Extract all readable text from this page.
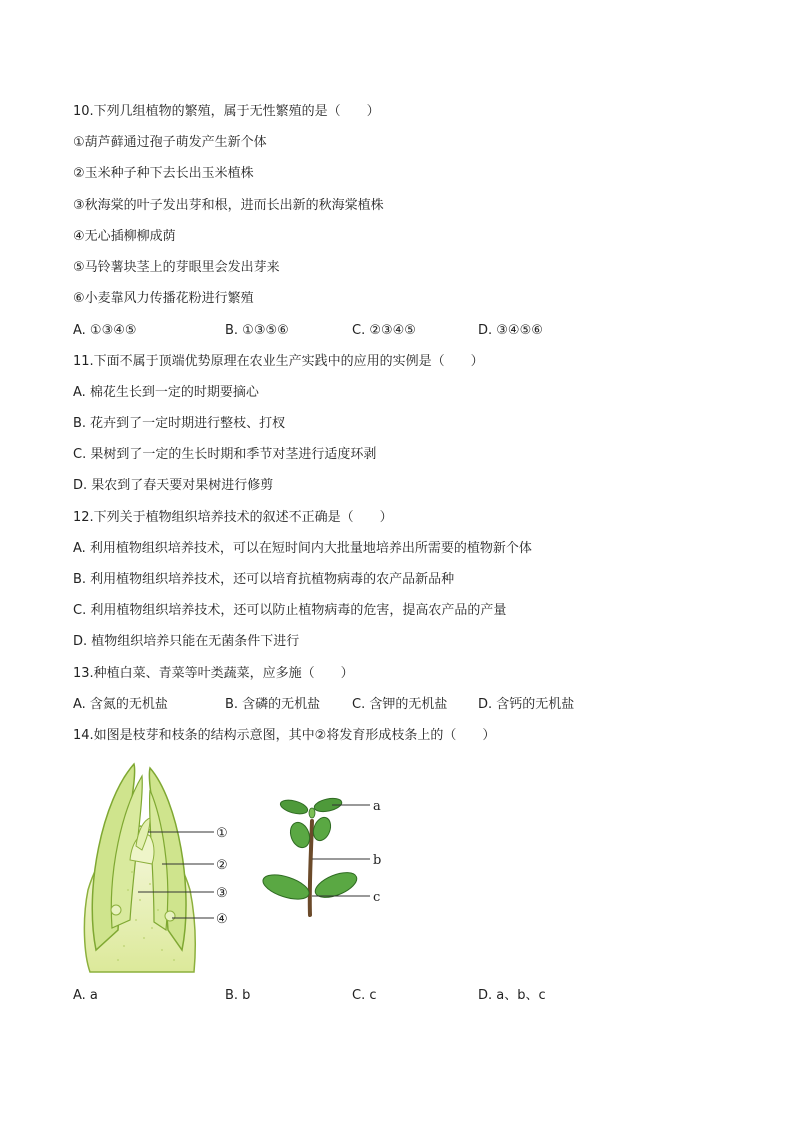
10.下列几组植物的繁殖，属于无性繁殖的是（　　）
①葫芦藓通过孢子萌发产生新个体
②玉米种子种下去长出玉米植株
③秋海棠的叶子发出芽和根，进而长出新的秋海棠植株
④无心插柳柳成荫
⑤马铃薯块茎上的芽眼里会发出芽来
⑥小麦靠风力传播花粉进行繁殖
A. ①③④⑤	B. ①③⑤⑥	C. ②③④⑤	D. ③④⑤⑥
11.下面不属于顶端优势原理在农业生产实践中的应用的实例是（　　）
A. 棉花生长到一定的时期要摘心
B. 花卉到了一定时期进行整枝、打杈
C. 果树到了一定的生长时期和季节对茎进行适度环剥
D. 果农到了春天要对果树进行修剪
12.下列关于植物组织培养技术的叙述不正确是（　　）
A. 利用植物组织培养技术，可以在短时间内大批量地培养出所需要的植物新个体
B. 利用植物组织培养技术，还可以培育抗植物病毒的农产品新品种
C. 利用植物组织培养技术，还可以防止植物病毒的危害，提高农产品的产量
D. 植物组织培养只能在无菌条件下进行
13.种植白菜、青菜等叶类蔬菜，应多施（　　）
A. 含氮的无机盐	B. 含磷的无机盐 C. 含钾的无机盐 D. 含钙的无机盐
14.如图是枝芽和枝条的结构示意图，其中②将发育形成枝条上的（　　）
①
②
③
④
a
b
c
A. a	B. b	C. c	D. a、b、c
